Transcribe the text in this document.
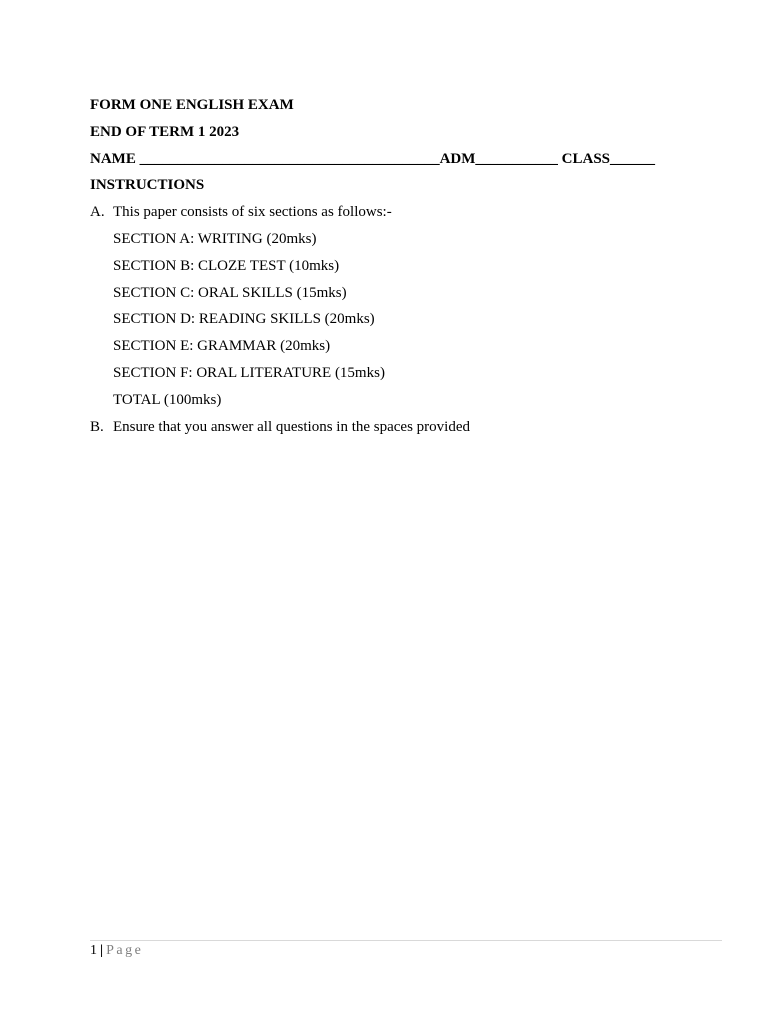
FORM ONE ENGLISH EXAM
END OF TERM 1 2023
NAME ________________________________________ADM___________ CLASS______
INSTRUCTIONS
A. This paper consists of six sections as follows:-
SECTION A: WRITING (20mks)
SECTION B: CLOZE TEST (10mks)
SECTION C: ORAL SKILLS (15mks)
SECTION D: READING SKILLS (20mks)
SECTION E: GRAMMAR (20mks)
SECTION F: ORAL LITERATURE (15mks)
TOTAL (100mks)
B. Ensure that you answer all questions in the spaces provided
1 | Page
